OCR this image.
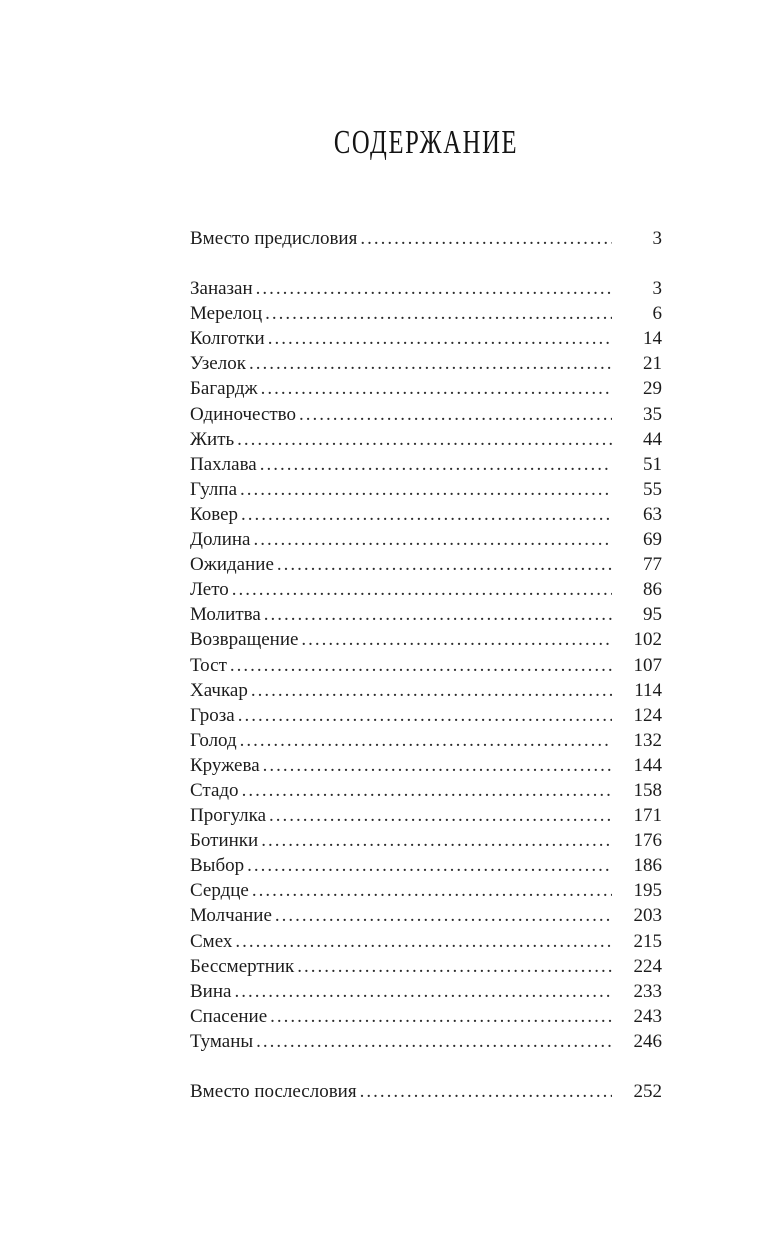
СОДЕРЖАНИЕ
Вместо предисловия .....	3
Заназан .....	3
Мерелоц .....	6
Колготки .....	14
Узелок .....	21
Багардж .....	29
Одиночество .....	35
Жить .....	44
Пахлава .....	51
Гулпа .....	55
Ковер .....	63
Долина .....	69
Ожидание .....	77
Лето .....	86
Молитва .....	95
Возвращение .....	102
Тост .....	107
Хачкар .....	114
Гроза .....	124
Голод .....	132
Кружева .....	144
Стадо .....	158
Прогулка .....	171
Ботинки .....	176
Выбор .....	186
Сердце .....	195
Молчание .....	203
Смех .....	215
Бессмертник .....	224
Вина .....	233
Спасение .....	243
Туманы .....	246
Вместо послесловия .....	252
